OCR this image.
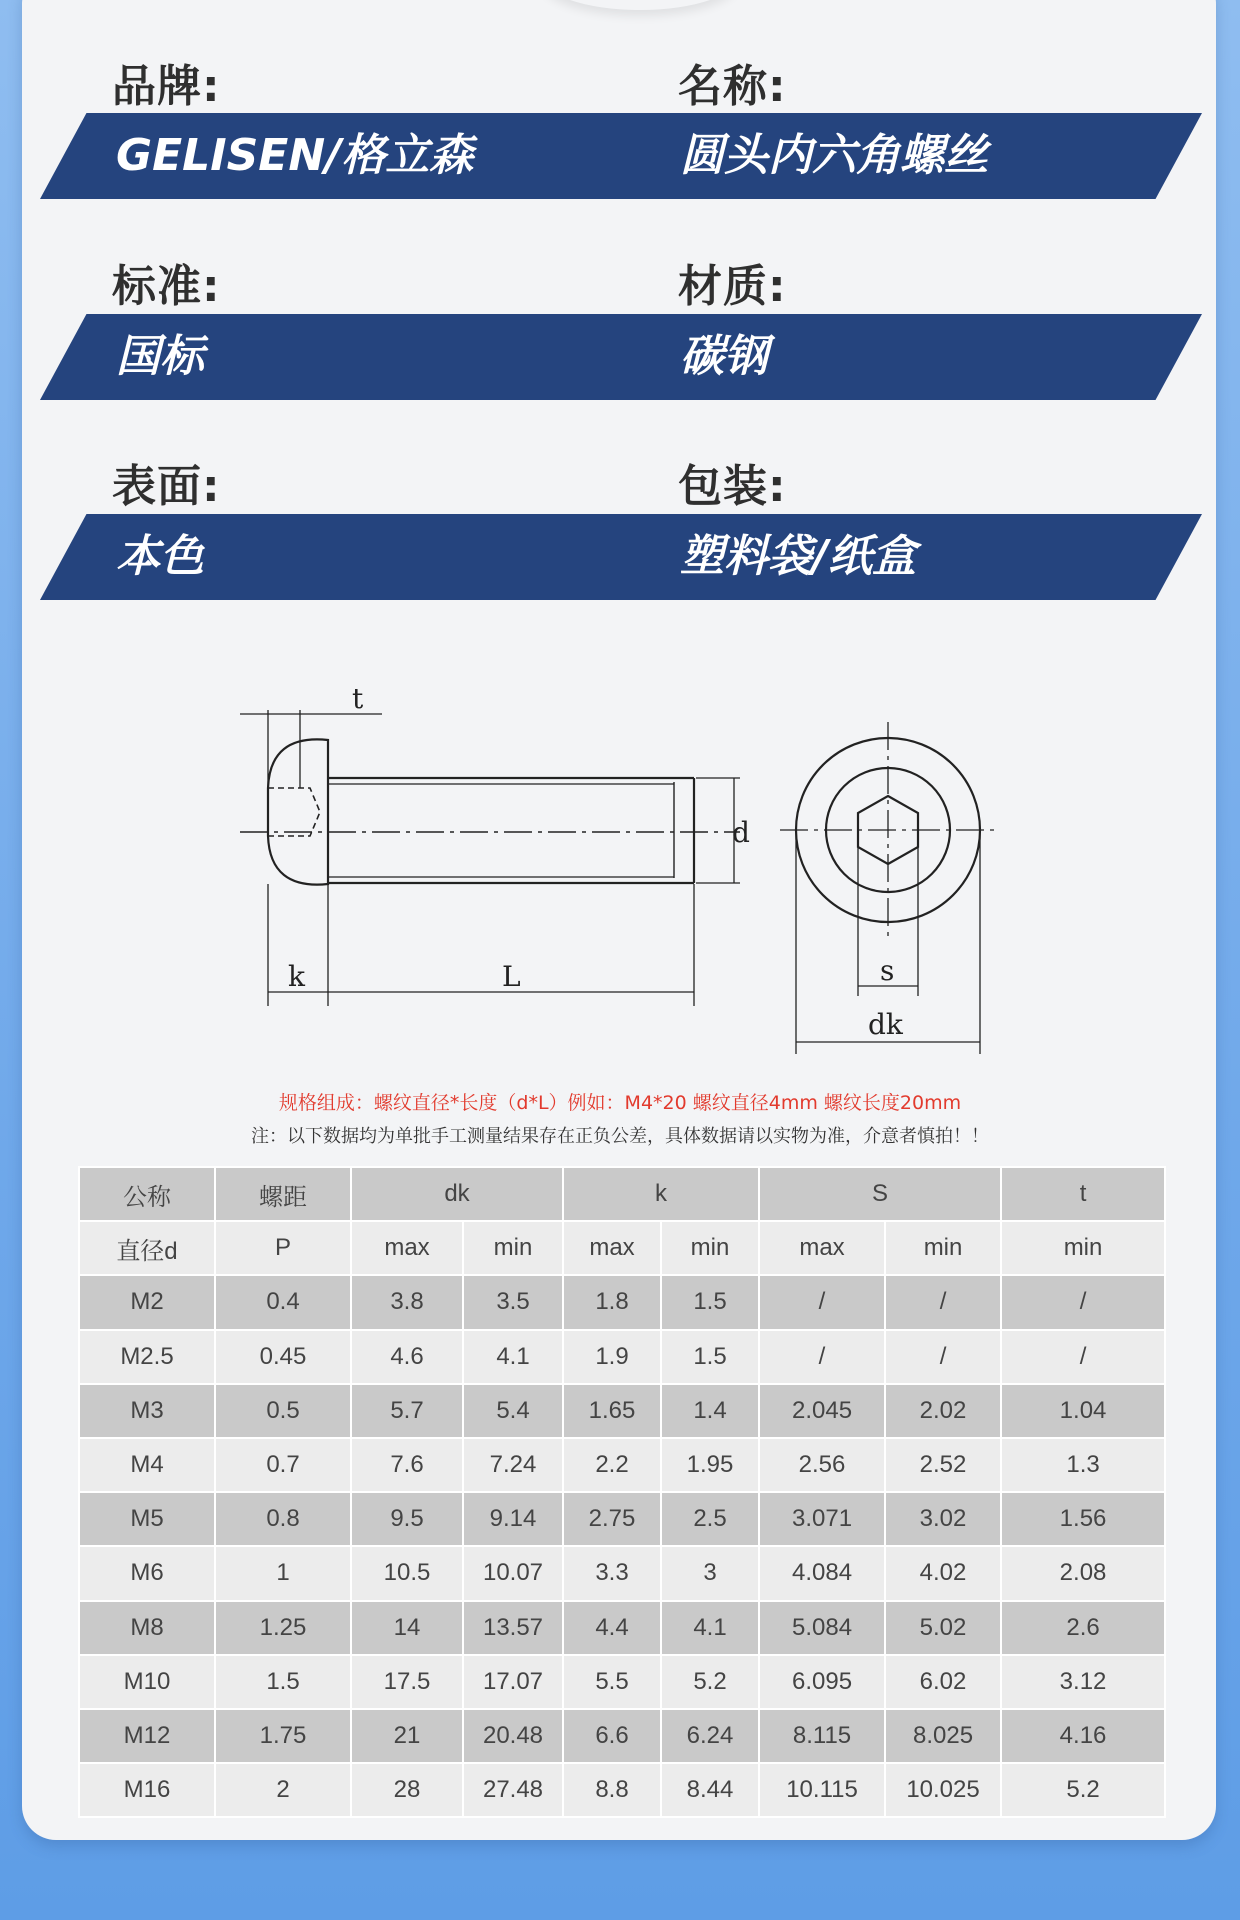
品牌:	名称:
GELISEN/格立森	圆头内六角螺丝
标准:	材质:
国标	碳钢
表面:	包装:
本色	塑料袋/纸盒
t
d
k	L	s
dk
规格组成：螺纹直径*长度（d*L）例如：M4*20 螺纹直径4mm 螺纹长度20mm
注：以下数据均为单批手工测量结果存在正负公差，具体数据请以实物为准，介意者慎拍！！
公称	螺距	dk		k		S		t
直径d	P	max	min	max	min	max	min	min
M2	0.4	3.8	3.5	1.8	1.5	/	/	/
M2.5	0.45	4.6	4.1	1.9	1.5	/	/	/
M3	0.5	5.7	5.4	1.65	1.4	2.045	2.02	1.04
M4	0.7	7.6	7.24	2.2	1.95	2.56	2.52	1.3
M5	0.8	9.5	9.14	2.75	2.5	3.071	3.02	1.56
M6	1	10.5	10.07	3.3	3	4.084	4.02	2.08
M8	1.25	14	13.57	4.4	4.1	5.084	5.02	2.6
M10	1.5	17.5	17.07	5.5	5.2	6.095	6.02	3.12
M12	1.75	21	20.48	6.6	6.24	8.115	8.025	4.16
M16	2	28	27.48	8.8	8.44	10.115	10.025	5.2
